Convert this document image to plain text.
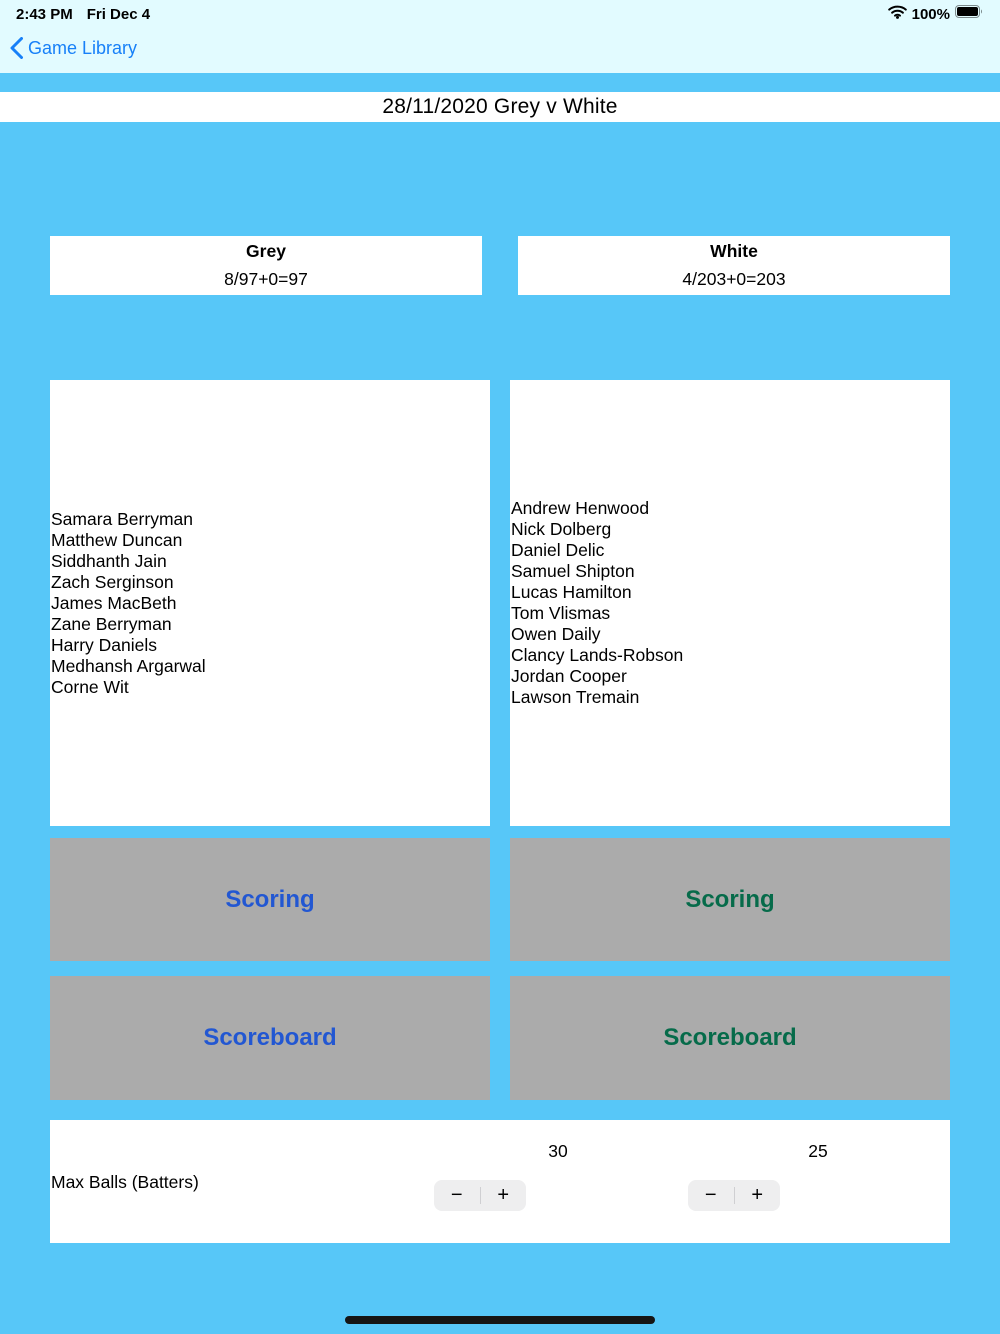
2:43 PM Fri Dec 4	100%
Game Library
28/11/2020 Grey v White
Grey
8/97+0=97
White
4/203+0=203
Samara Berryman
Matthew Duncan
Siddhanth Jain
Zach Serginson
James MacBeth
Zane Berryman
Harry Daniels
Medhansh Argarwal
Corne Wit
Andrew Henwood
Nick Dolberg
Daniel Delic
Samuel Shipton
Lucas Hamilton
Tom Vlismas
Owen Daily
Clancy Lands-Robson
Jordan Cooper
Lawson Tremain
Scoring	Scoring
Scoreboard	Scoreboard
Max Balls (Batters)
30
−	+
25
−	+
